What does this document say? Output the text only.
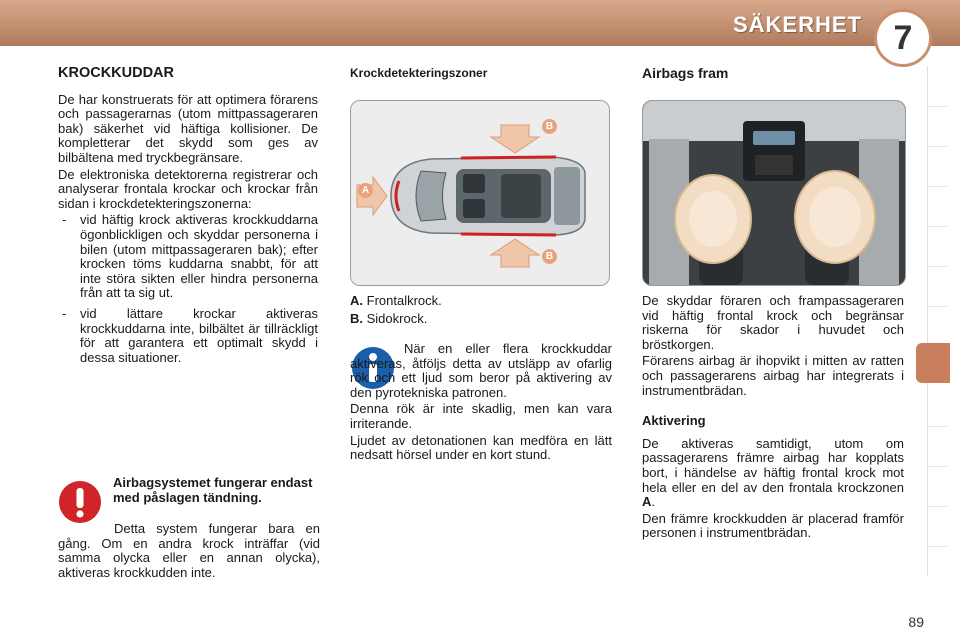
SÄKERHET 7
KROCKKUDDAR

De har konstruerats för att optimera förarens och passagerarnas (utom mittpassageraren bak) säkerhet vid häftiga kollisioner. De kompletterar det skydd som ges av bilbältena med tryckbegränsare.

De elektroniska detektorerna registrerar och analyserar frontala krockar och krockar från sidan i krockdetekteringszonerna:

- vid häftig krock aktiveras krockkuddarna ögonblickligen och skyddar personerna i bilen (utom mittpassageraren bak); efter krocken töms kuddarna snabbt, för att inte störa sikten eller hindra personerna från att ta sig ut.
- vid lättare krockar aktiveras krockkuddarna inte, bilbältet är tillräckligt för att garantera ett optimalt skydd i dessa situationer.
Airbagsystemet fungerar endast med påslagen tändning.

Detta system fungerar bara en gång. Om en andra krock inträffar (vid samma olycka eller en annan olycka), aktiveras krockkudden inte.

Krockdetekteringszoner
B
A
B
A. Frontalkrock.
B. Sidokrock.

När en eller flera krockkuddar aktiveras, åtföljs detta av utsläpp av ofarlig rök och ett ljud som beror på aktivering av den pyrotekniska patronen.

Denna rök är inte skadlig, men kan vara irriterande.

Ljudet av detonationen kan medföra en lätt nedsatt hörsel under en kort stund.

Airbags fram

De skyddar föraren och frampassageraren vid häftig frontal krock och begränsar riskerna för skador i huvudet och bröstkorgen.

Förarens airbag är ihopvikt i mitten av ratten och passagerarens airbag har integrerats i instrumentbrädan.

Aktivering

De aktiveras samtidigt, utom om passagerarens främre airbag har kopplats bort, i händelse av häftig frontal krock mot hela eller en del av den frontala krockzonen A.

Den främre krockkudden är placerad framför personen i instrumentbrädan.

89
